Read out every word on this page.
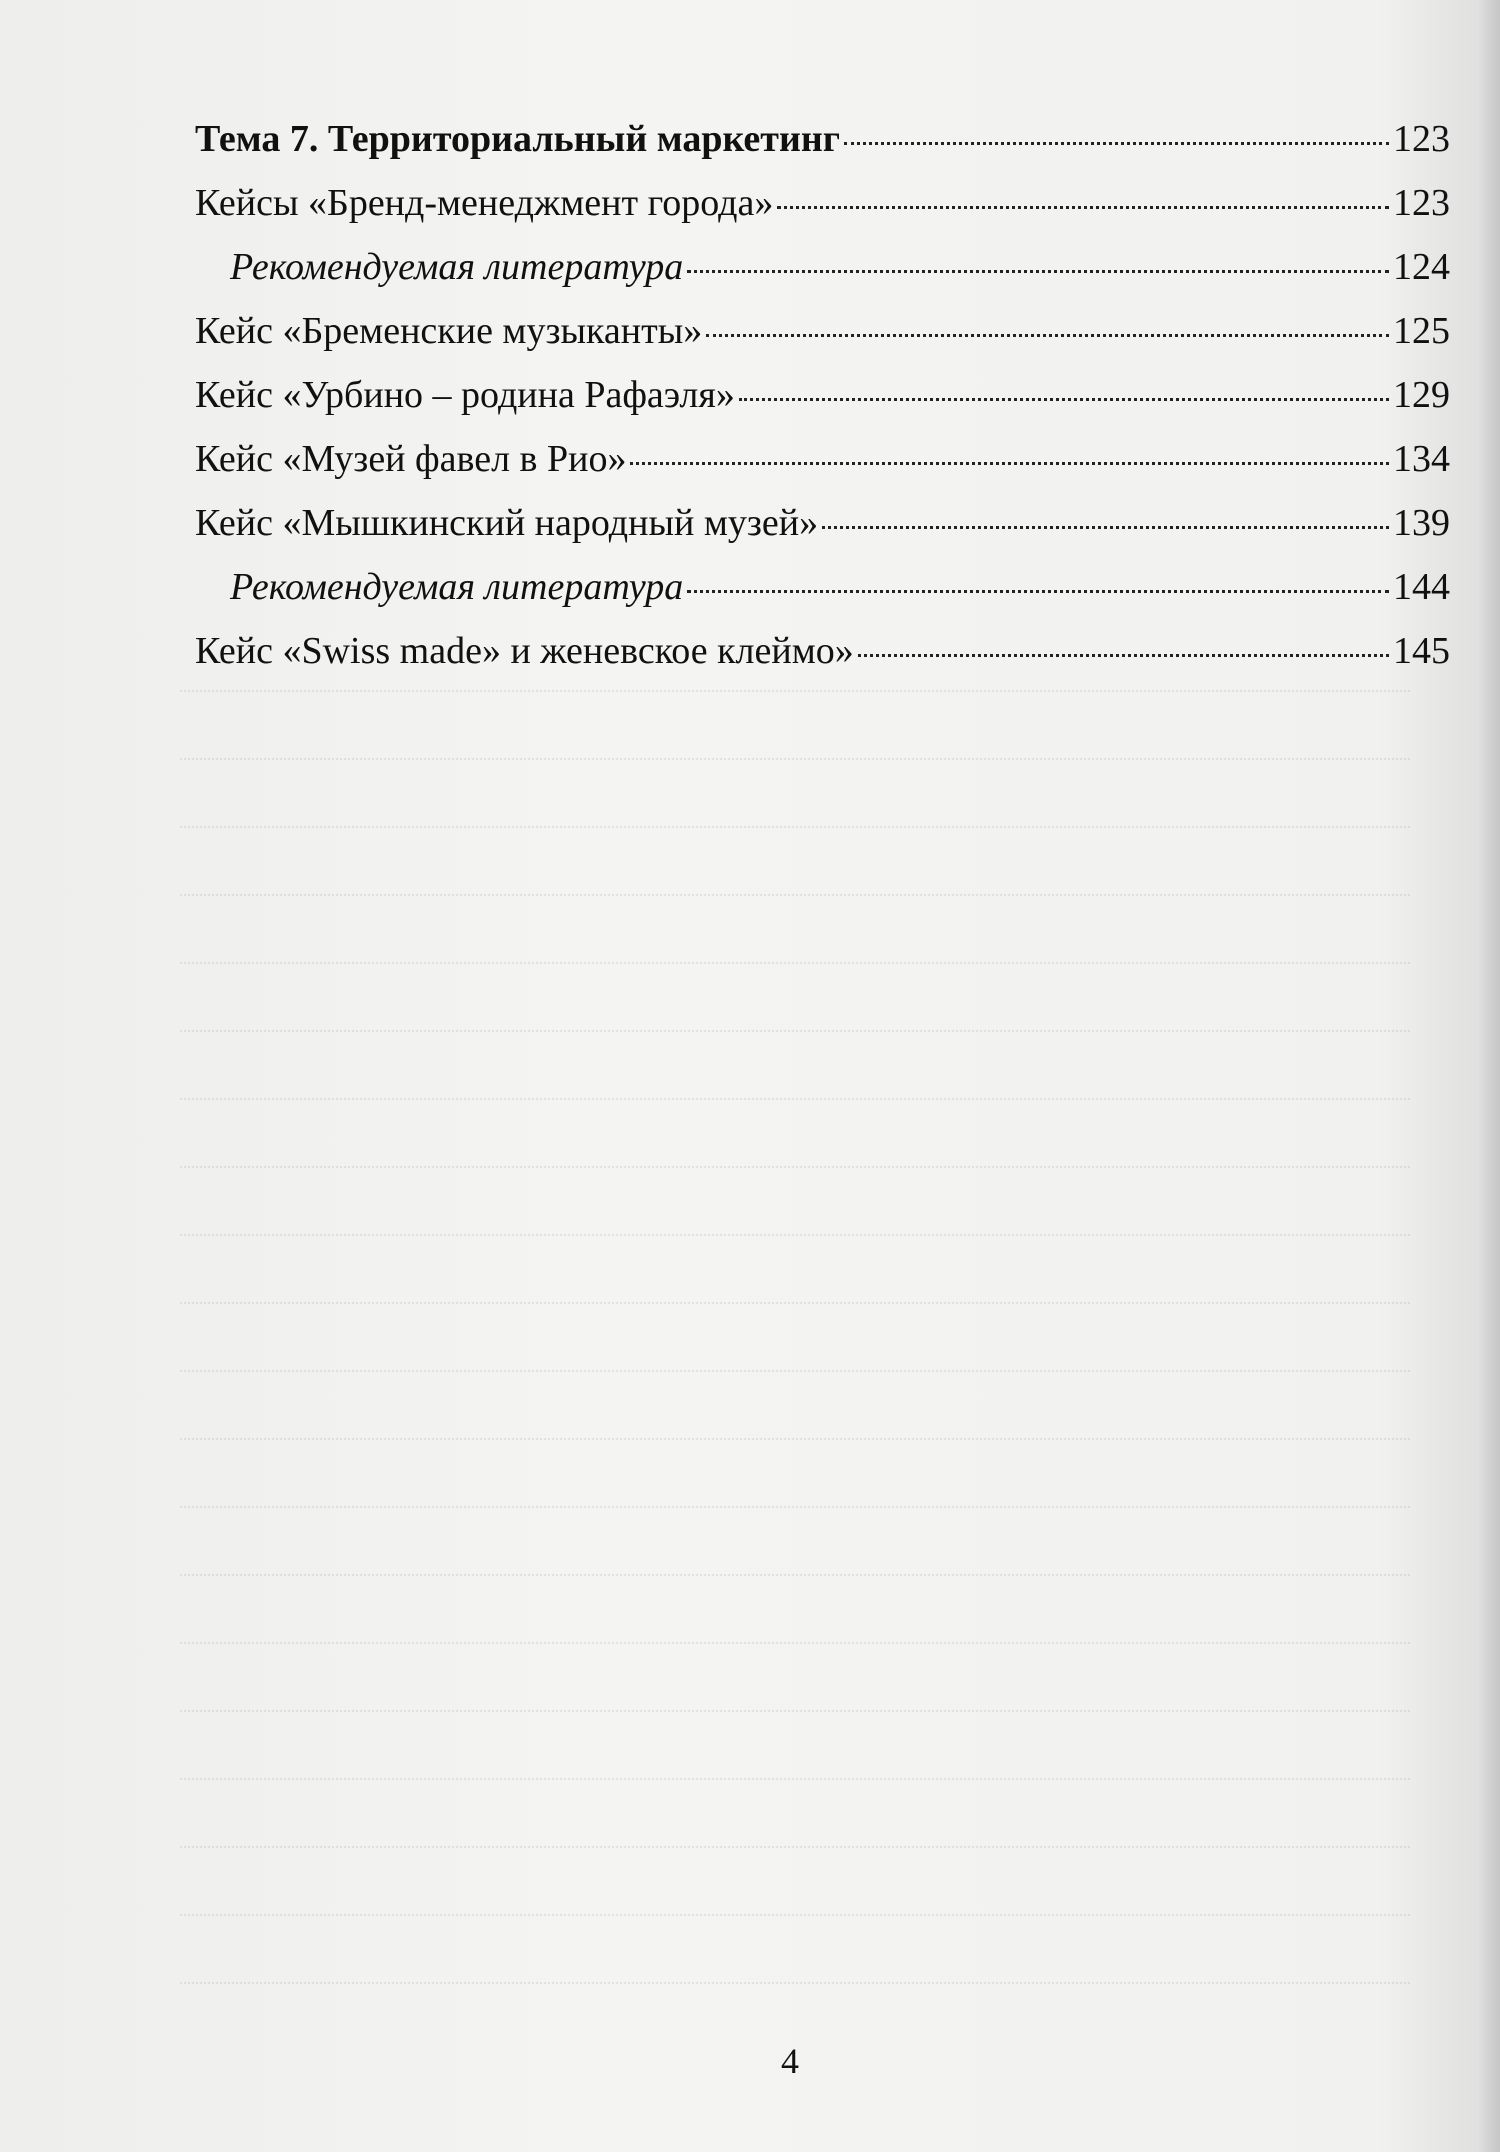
Тема 7. Территориальный маркетинг	123
Кейсы «Бренд-менеджмент города»	123
Рекомендуемая литература	124
Кейс «Бременские музыканты»	125
Кейс «Урбино – родина Рафаэля»	129
Кейс «Музей фавел в Рио»	134
Кейс «Мышкинский народный музей»	139
Рекомендуемая литература	144
Кейс «Swiss made» и женевское клеймо»	145
4
